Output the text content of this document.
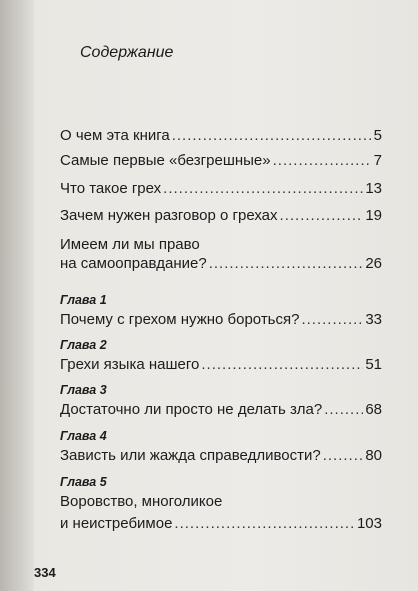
Содержание
О чем эта книга .....	5
Самые первые «безгрешные» .....	7
Что такое грех .....	13
Зачем нужен разговор о грехах .....	19
Имеем ли мы право
на самооправдание? .....	26
Глава 1
Почему с грехом нужно бороться? .....	33
Глава 2
Грехи языка нашего .....	51
Глава 3
Достаточно ли просто не делать зла? .....	68
Глава 4
Зависть или жажда справедливости? .....	80
Глава 5
Воровство, многоликое
и неистребимое .....	103
334
